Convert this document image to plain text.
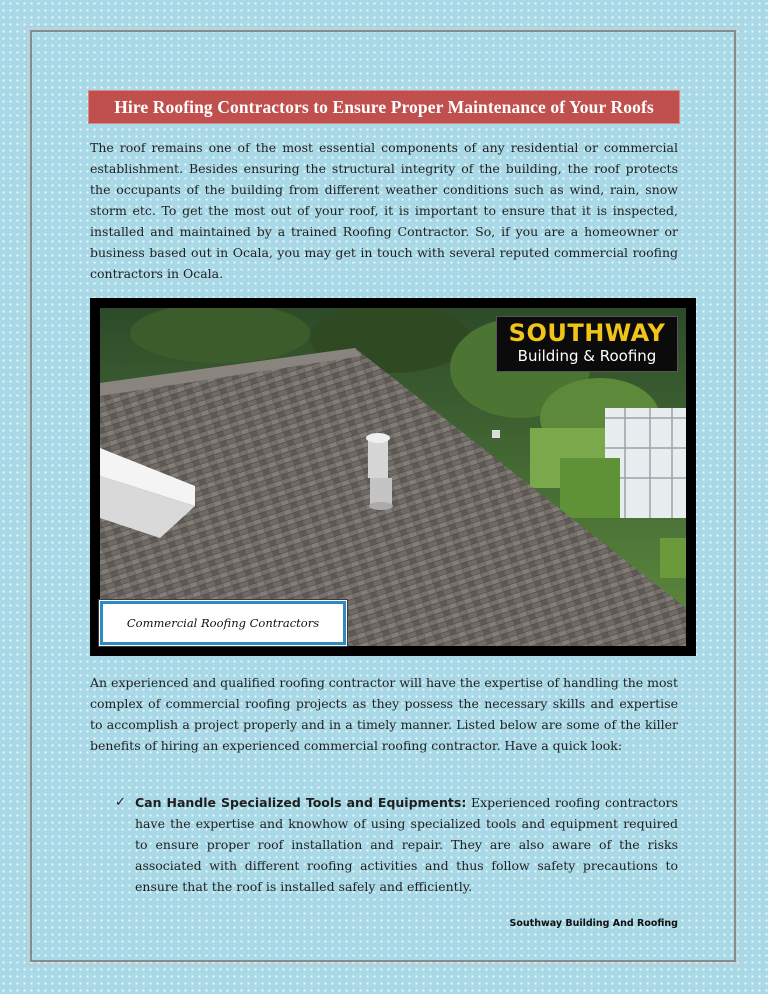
Hire Roofing Contractors to Ensure Proper Maintenance of Your Roofs

The roof remains one of the most essential components of any residential or commercial establishment. Besides ensuring the structural integrity of the building, the roof protects the occupants of the building from different weather conditions such as wind, rain, snow storm etc. To get the most out of your roof, it is important to ensure that it is inspected, installed and maintained by a trained Roofing Contractor. So, if you are a homeowner or business based out in Ocala, you may get in touch with several reputed commercial roofing contractors in Ocala.

SOUTHWAY
Building & Roofing
Commercial Roofing Contractors

An experienced and qualified roofing contractor will have the expertise of handling the most complex of commercial roofing projects as they possess the necessary skills and expertise to accomplish a project properly and in a timely manner. Listed below are some of the killer benefits of hiring an experienced commercial roofing contractor. Have a quick look:

✓ Can Handle Specialized Tools and Equipments: Experienced roofing contractors have the expertise and knowhow of using specialized tools and equipment required to ensure proper roof installation and repair. They are also aware of the risks associated with different roofing activities and thus follow safety precautions to ensure that the roof is installed safely and efficiently.

Southway Building And Roofing
